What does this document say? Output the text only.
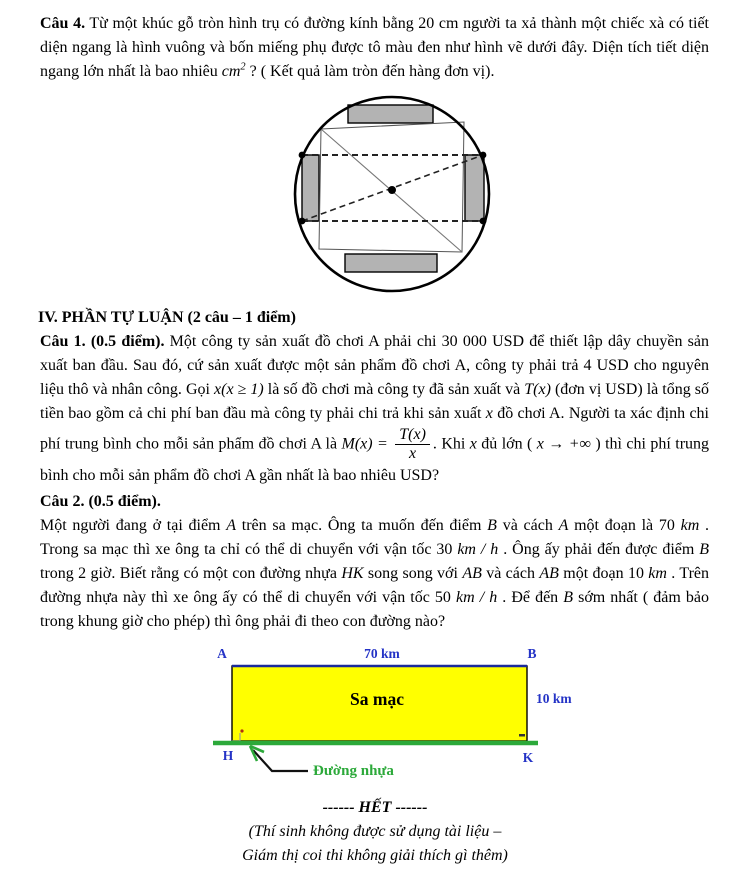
Câu 4. Từ một khúc gỗ tròn hình trụ có đường kính bằng 20 cm người ta xả thành một chiếc xà có tiết diện ngang là hình vuông và bốn miếng phụ được tô màu đen như hình vẽ dưới đây. Diện tích tiết diện ngang lớn nhất là bao nhiêu $cm^2$ ? ( Kết quả làm tròn đến hàng đơn vị).

IV. PHẦN TỰ LUẬN (2 câu – 1 điểm)

Câu 1. (0.5 điểm). Một công ty sản xuất đồ chơi A phải chi 30 000 USD để thiết lập dây chuyền sản xuất ban đầu. Sau đó, cứ sản xuất được một sản phẩm đồ chơi A, công ty phải trả 4 USD cho nguyên liệu thô và nhân công. Gọi x(x ≥ 1) là số đồ chơi mà công ty đã sản xuất và T(x) (đơn vị USD) là tổng số tiền bao gồm cả chi phí ban đầu mà công ty phải chi trả khi sản xuất x đồ chơi A. Người ta xác định chi phí trung bình cho mỗi sản phẩm đồ chơi A là $M(x) = \frac{T(x)}{x}$ . Khi x đủ lớn ( x → +∞ ) thì chi phí trung bình cho mỗi sản phẩm đồ chơi A gần nhất là bao nhiêu USD?

Câu 2. (0.5 điểm).

Một người đang ở tại điểm A trên sa mạc. Ông ta muốn đến điểm B và cách A một đoạn là 70 km . Trong sa mạc thì xe ông ta chỉ có thể di chuyển với vận tốc 30 km / h . Ông ấy phải đến được điểm B trong 2 giờ. Biết rằng có một con đường nhựa HK song song với AB và cách AB một đoạn 10 km . Trên đường nhựa này thì xe ông ấy có thể di chuyển với vận tốc 50 km / h . Để đến B sớm nhất ( đảm bảo trong khung giờ cho phép) thì ông phải đi theo con đường nào?

A	B
70 km
10 km
Sa mạc
H	K
Đường nhựa

------ HẾT ------

(Thí sinh không được sử dụng tài liệu –

Giám thị coi thi không giải thích gì thêm)
